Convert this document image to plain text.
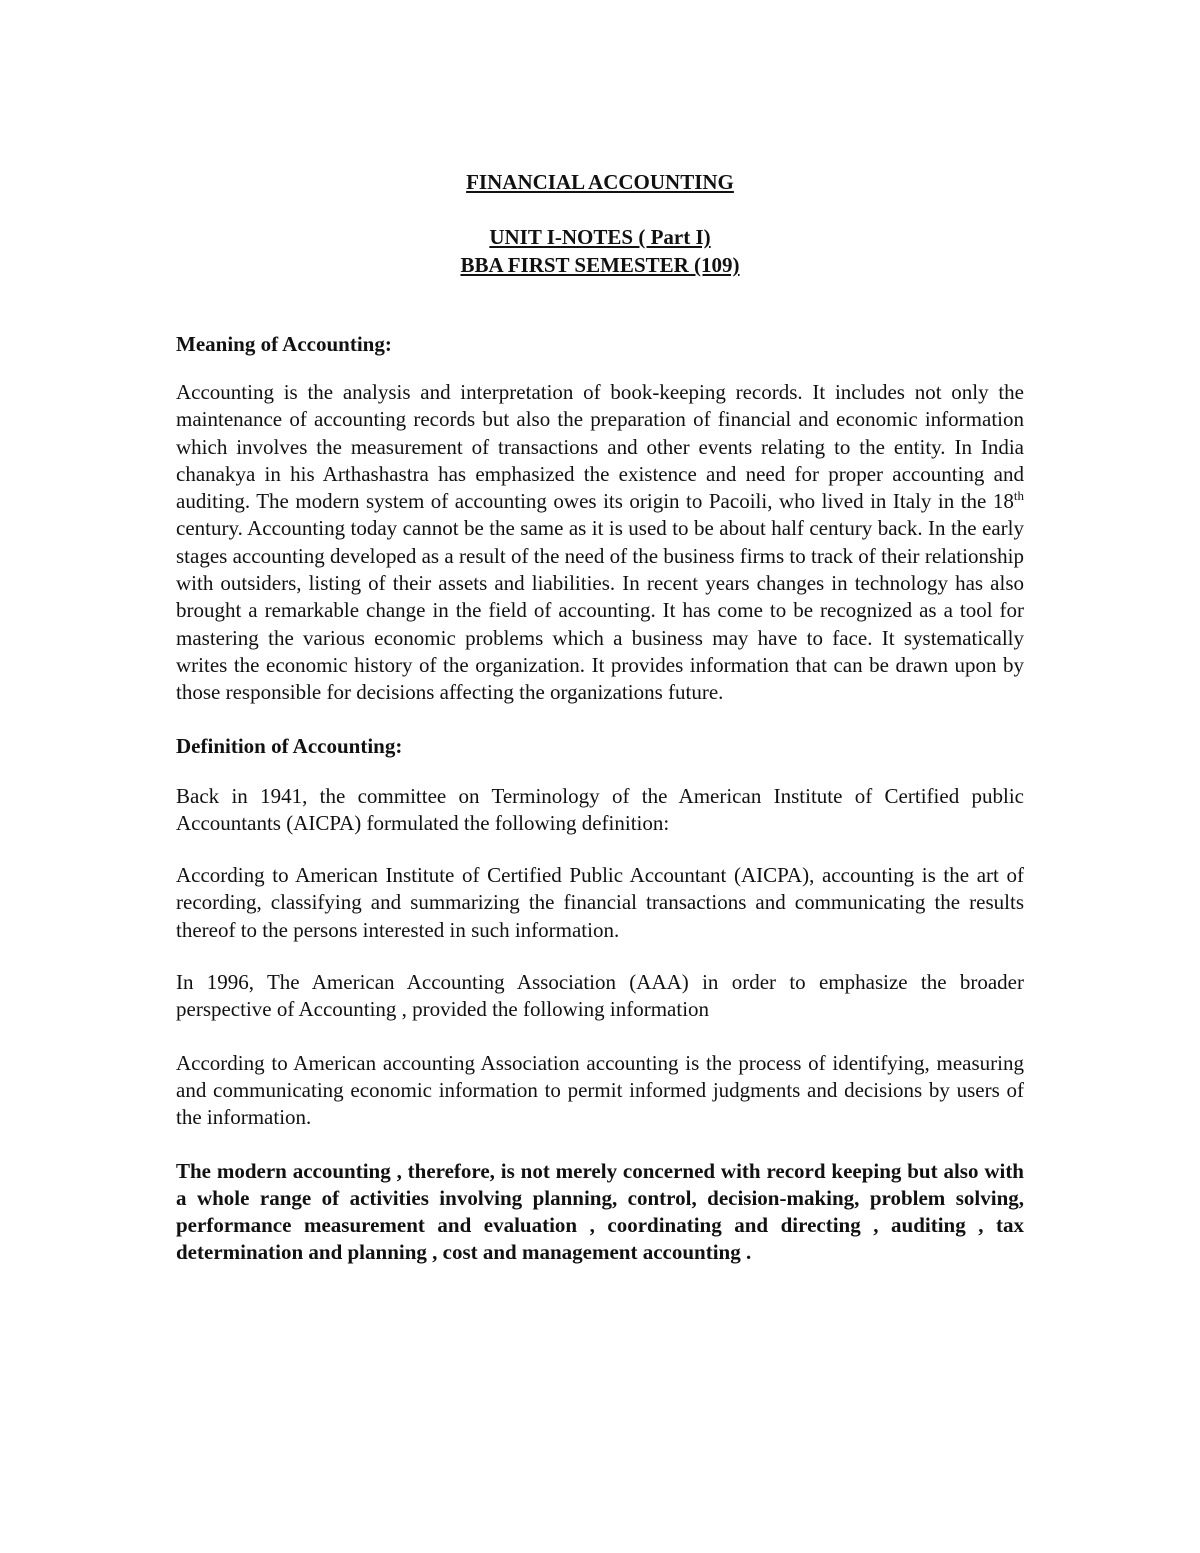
FINANCIAL ACCOUNTING

UNIT I-NOTES ( Part I)

BBA FIRST SEMESTER (109)

Meaning of Accounting:

Accounting is the analysis and interpretation of book-keeping records. It includes not only the maintenance of accounting records but also the preparation of financial and economic information which involves the measurement of transactions and other events relating to the entity. In India chanakya in his Arthashastra has emphasized the existence and need for proper accounting and auditing. The modern system of accounting owes its origin to Pacoili, who lived in Italy in the 18th century. Accounting today cannot be the same as it is used to be about half century back. In the early stages accounting developed as a result of the need of the business firms to track of their relationship with outsiders, listing of their assets and liabilities. In recent years changes in technology has also brought a remarkable change in the field of accounting. It has come to be recognized as a tool for mastering the various economic problems which a business may have to face. It systematically writes the economic history of the organization. It provides information that can be drawn upon by those responsible for decisions affecting the organizations future.

Definition of Accounting:

Back in 1941, the committee on Terminology of the American Institute of Certified public Accountants (AICPA) formulated the following definition:

According to American Institute of Certified Public Accountant (AICPA), accounting is the art of recording, classifying and summarizing the financial transactions and communicating the results thereof to the persons interested in such information.

In 1996, The American Accounting Association (AAA) in order to emphasize the broader perspective of Accounting , provided the following information

According to American accounting Association accounting is the process of identifying, measuring and communicating economic information to permit informed judgments and decisions by users of the information.

The modern accounting , therefore, is not merely concerned with record keeping but also with a whole range of activities involving planning, control, decision-making, problem solving, performance measurement and evaluation , coordinating and directing , auditing , tax determination and planning , cost and management accounting .
